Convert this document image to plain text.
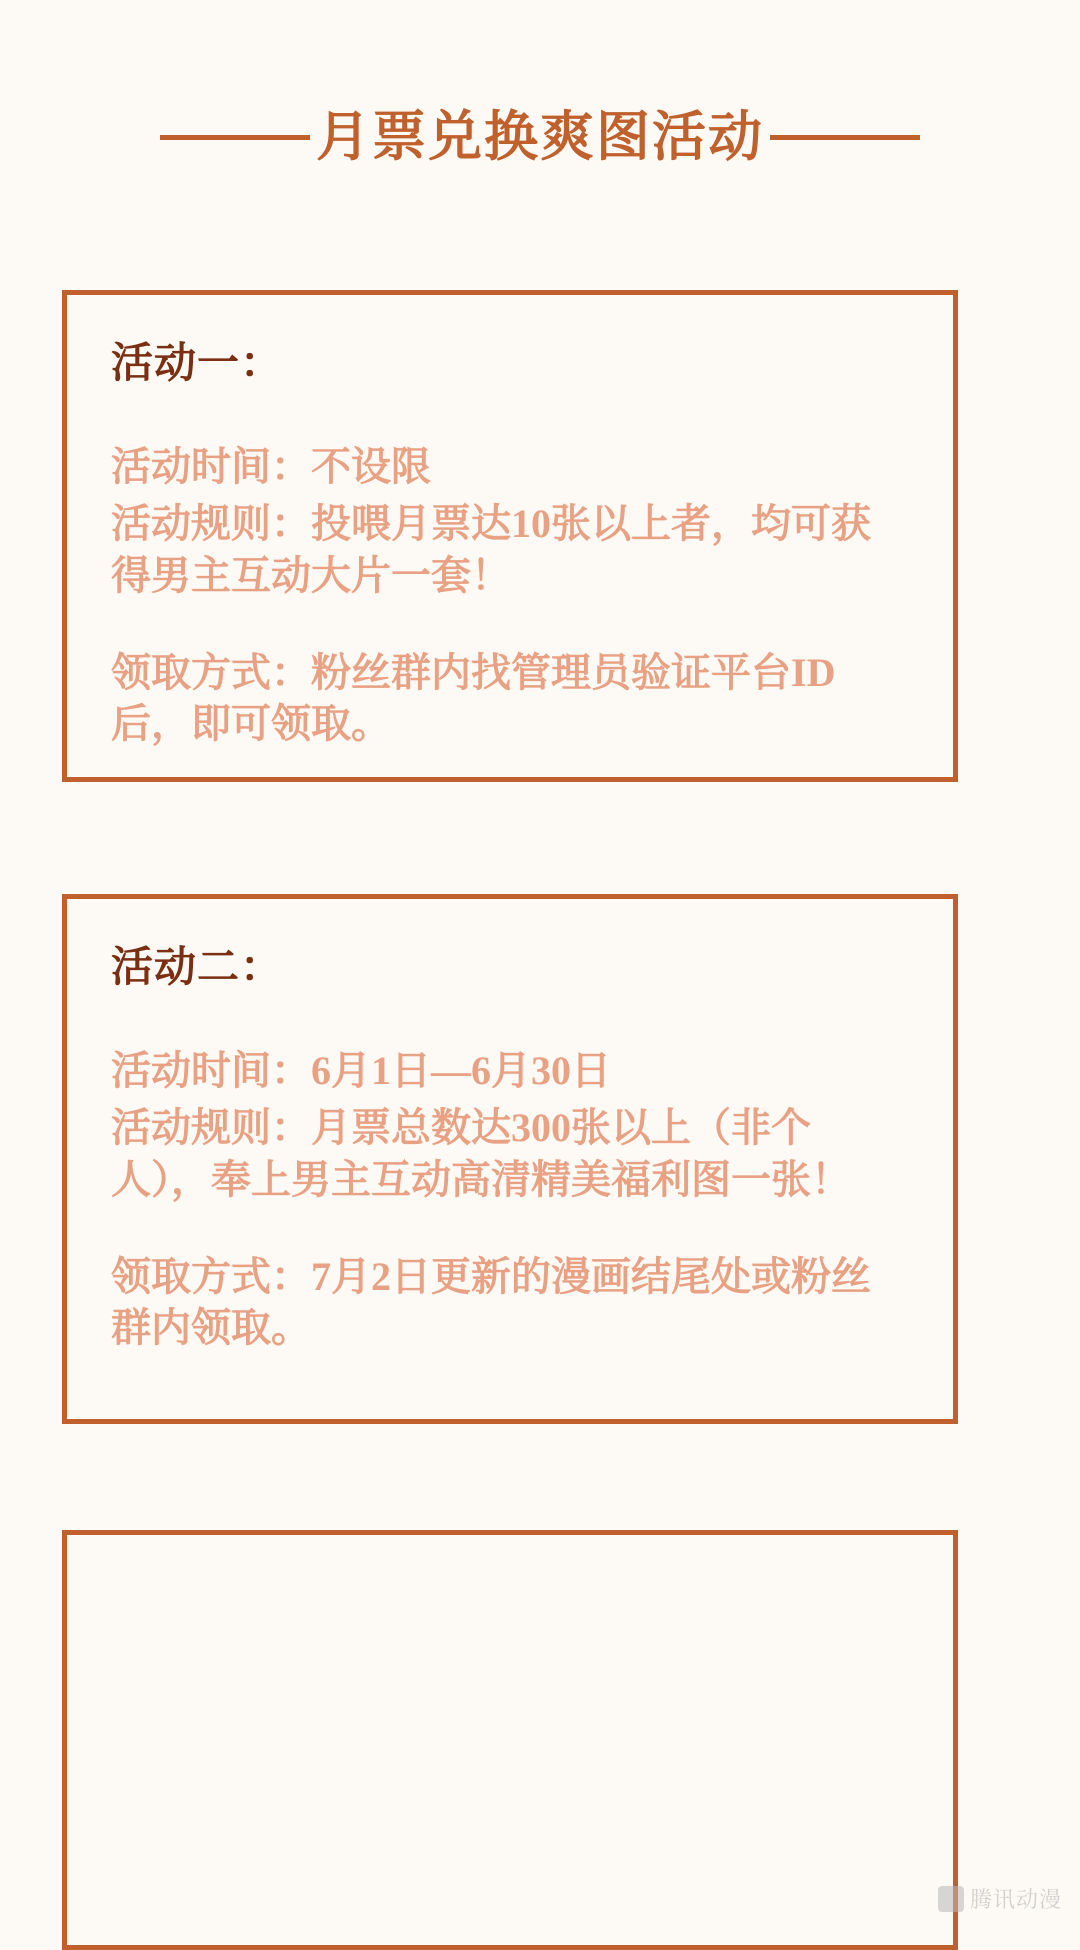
月票兑换爽图活动
活动一：

活动时间：不设限

活动规则：投喂月票达10张以上者，均可获得男主互动大片一套！

领取方式：粉丝群内找管理员验证平台ID后，即可领取。

活动二：

活动时间：6月1日—6月30日

活动规则：月票总数达300张以上（非个人），奉上男主互动高清精美福利图一张！

领取方式：7月2日更新的漫画结尾处或粉丝群内领取。

腾讯动漫
